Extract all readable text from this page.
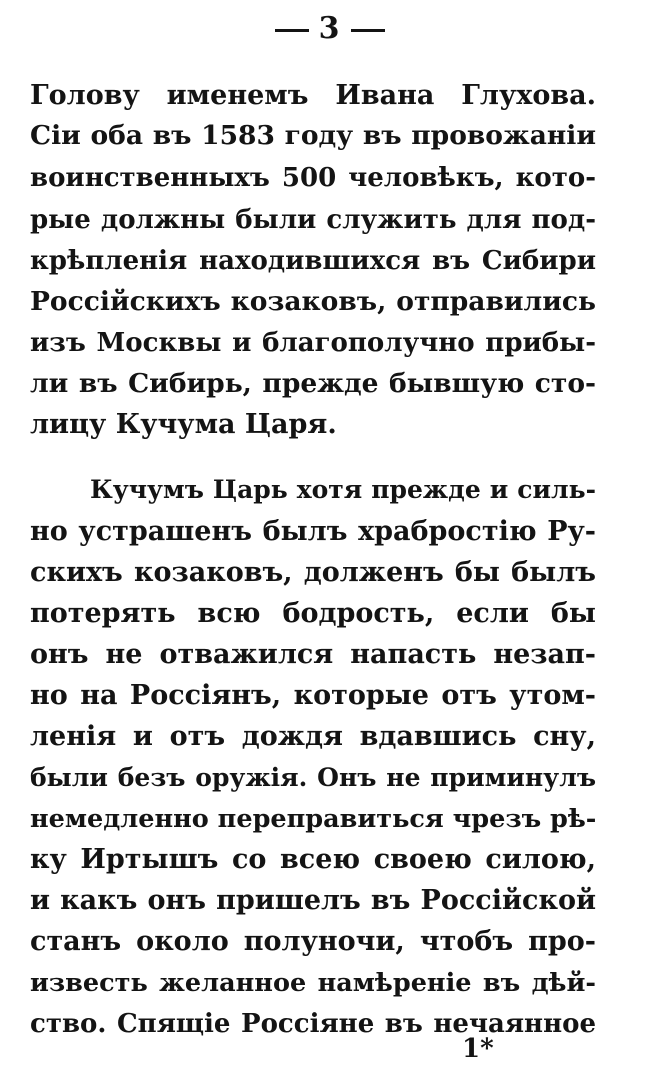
3
Голову именемъ Ивана Глухова.
Сіи оба въ 1583 году въ провожаніи
воинственныхъ 500 человѣкъ, кото-
рые должны были служить для под-
крѣпленія находившихся въ Сибири
Россійскихъ козаковъ, отправились
изъ Москвы и благополучно прибы-
ли въ Сибирь, прежде бывшую сто-
лицу Кучума Царя.
Кучумъ Царь хотя прежде и силь-
но устрашенъ былъ храбростію Ру-
скихъ козаковъ, долженъ бы былъ
потерять всю бодрость, если бы
онъ не отважился напасть незап-
но на Россіянъ, которые отъ утом-
ленія и отъ дождя вдавшись сну,
были безъ оружія. Онъ не приминулъ
немедленно переправиться чрезъ рѣ-
ку Иртышъ со всею своею силою,
и какъ онъ пришелъ въ Россійской
станъ около полуночи, чтобъ про-
известь желанное намѣреніе въ дѣй-
ство. Спящіе Россіяне въ нечаянное
1*
